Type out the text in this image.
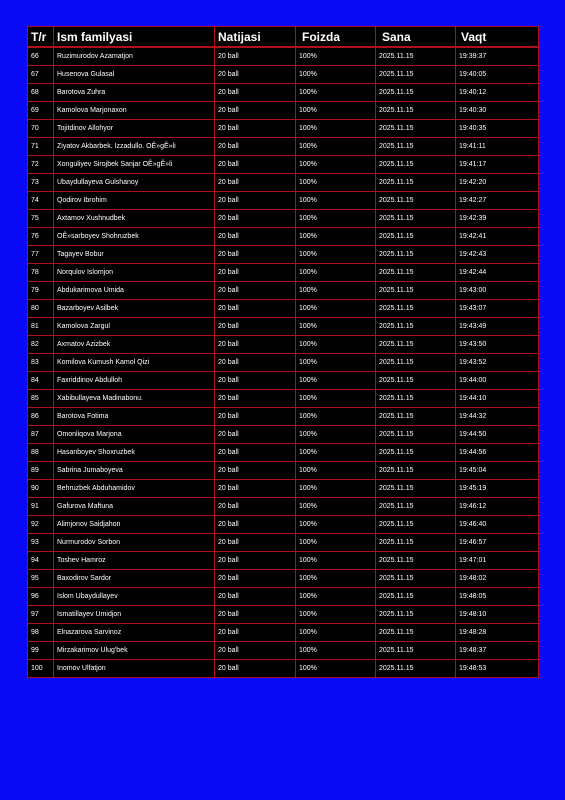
T/r	Ism familyasi	Natijasi	Foizda	Sana	Vaqt
66	Ruzimurodov Azamatjon	20 ball	100%	2025.11.15	19:39:37
67	Husenova Gulasal	20 ball	100%	2025.11.15	19:40:05
68	Barotova Zuhra	20 ball	100%	2025.11.15	19:40:12
69	Kamolova Marjonaxon	20 ball	100%	2025.11.15	19:40:30
70	Tojitdinov Allohyor	20 ball	100%	2025.11.15	19:40:35
71	Ziyatov Akbarbek. Izzadullo. OÊ»gÊ»li	20 ball	100%	2025.11.15	19:41:11
72	Xonguliyev Sirojbek Sanjar OÊ»gÊ»li	20 ball	100%	2025.11.15	19:41:17
73	Ubaydullayeva Gulshanoy	20 ball	100%	2025.11.15	19:42:20
74	Qodirov Ibrohim	20 ball	100%	2025.11.15	19:42:27
75	Axtamov Xushnudbek	20 ball	100%	2025.11.15	19:42:39
76	OÊ»sarboyev Shohruzbek	20 ball	100%	2025.11.15	19:42:41
77	Tagayev Bobur	20 ball	100%	2025.11.15	19:42:43
78	Norqulov Islomjon	20 ball	100%	2025.11.15	19:42:44
79	Abdukarimova Umida	20 ball	100%	2025.11.15	19:43:00
80	Bazarboyev Asilbek	20 ball	100%	2025.11.15	19:43:07
81	Kamolova Zargul	20 ball	100%	2025.11.15	19:43:49
82	Axmatov Azizbek	20 ball	100%	2025.11.15	19:43:50
83	Komilova Kumush Kamol Qizi	20 ball	100%	2025.11.15	19:43:52
84	Faxriddinov Abdulloh	20 ball	100%	2025.11.15	19:44:00
85	Xabibullayeva Madinabonu.	20 ball	100%	2025.11.15	19:44:10
86	Barotova Fotima	20 ball	100%	2025.11.15	19:44:32
87	Omonliqova Marjona	20 ball	100%	2025.11.15	19:44:50
88	Hasanboyev Shoxruzbek	20 ball	100%	2025.11.15	19:44:56
89	Sabrina Jumaboyeva	20 ball	100%	2025.11.15	19:45:04
90	Behruzbek Abduhamidov	20 ball	100%	2025.11.15	19:45:19
91	Gafurova Maftuna	20 ball	100%	2025.11.15	19:46:12
92	Alimjonov Saidjahon	20 ball	100%	2025.11.15	19:46:40
93	Nurmurodov Sorbon	20 ball	100%	2025.11.15	19:46:57
94	Toshev Hamroz	20 ball	100%	2025.11.15	19:47:01
95	Baxodirov Sardor	20 ball	100%	2025.11.15	19:48:02
96	Islom Ubaydullayev	20 ball	100%	2025.11.15	19:48:05
97	Ismatillayev Umidjon	20 ball	100%	2025.11.15	19:48:10
98	Elnazarova Sarvinoz	20 ball	100%	2025.11.15	19:48:28
99	Mirzakarimov Ulug'bek	20 ball	100%	2025.11.15	19:48:37
100	Inomov Ulfatjon	20 ball	100%	2025.11.15	19:48:53
